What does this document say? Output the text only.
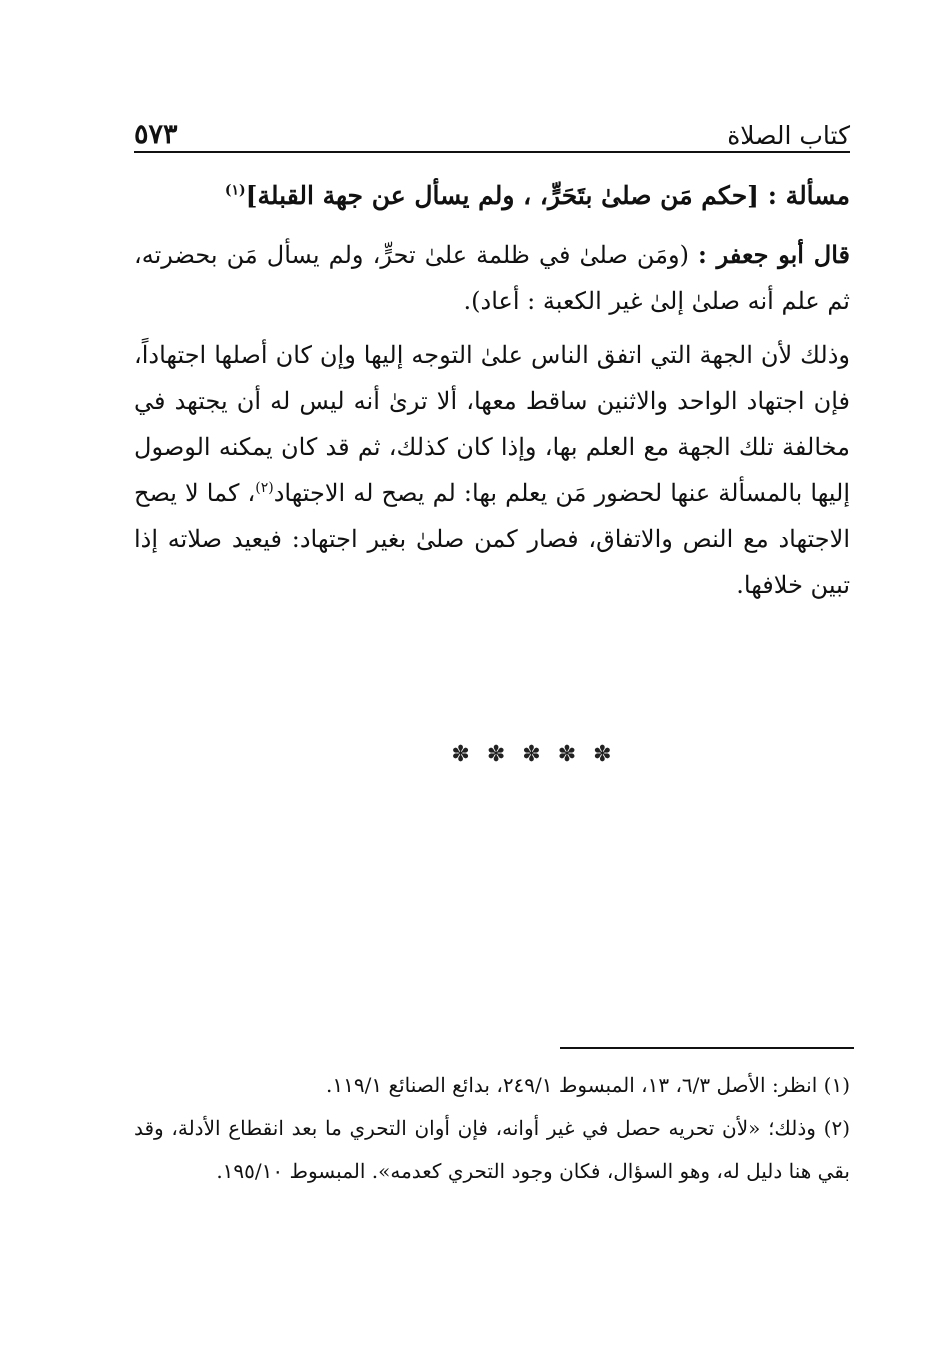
كتاب الصلاة
٥٧٣
مسألة : [حكم مَن صلىٰ بتَحَرٍّ، ، ولم يسأل عن جهة القبلة]$^{(١)}$
قال أبو جعفر : (ومَن صلىٰ في ظلمة علىٰ تحرٍّ، ولم يسأل مَن بحضرته، ثم علم أنه صلىٰ إلىٰ غير الكعبة : أعاد).
وذلك لأن الجهة التي اتفق الناس علىٰ التوجه إليها وإن كان أصلها اجتهاداً، فإن اجتهاد الواحد والاثنين ساقط معها، ألا ترىٰ أنه ليس له أن يجتهد في مخالفة تلك الجهة مع العلم بها، وإذا كان كذلك، ثم قد كان يمكنه الوصول إليها بالمسألة عنها لحضور مَن يعلم بها: لم يصح له الاجتهاد$^{(٢)}$، كما لا يصح الاجتهاد مع النص والاتفاق، فصار كمن صلىٰ بغير اجتهاد: فيعيد صلاته إذا تبين خلافها.
✽ ✽ ✽ ✽ ✽

(١) انظر: الأصل ٦/٣، ١٣، المبسوط ٢٤٩/١، بدائع الصنائع ١١٩/١.

(٢) وذلك؛ «لأن تحريه حصل في غير أوانه، فإن أوان التحري ما بعد انقطاع الأدلة، وقد بقي هنا دليل له، وهو السؤال، فكان وجود التحري كعدمه». المبسوط ١٩٥/١٠.
